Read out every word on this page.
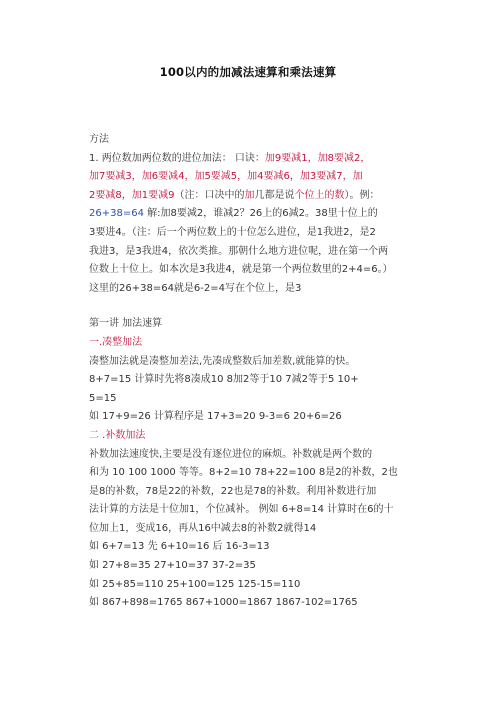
100以内的加减法速算和乘法速算
方法
1. 两位数加两位数的进位加法： 口诀：加9要减1，加8要减2，
加7要减3，加6要减4，加5要减5，加4要减6，加3要减7，加
2要减8，加1要减9（注：口决中的加几都是说个位上的数）。例：
26+38=64 解:加8要减2，谁减2？26上的6减2。38里十位上的
3要进4。（注：后一个两位数上的十位怎么进位，是1我进2，是2
我进3，是3我进4，依次类推。那朝什么地方进位呢，进在第一个两
位数上十位上。如本次是3我进4，就是第一个两位数里的2+4=6。）
这里的26+38=64就是6-2=4写在个位上，是3
第一讲 加法速算
一.凑整加法
凑整加法就是凑整加差法,先凑成整数后加差数,就能算的快。
8+7=15 计算时先将8凑成10 8加2等于10 7减2等于5 10+
5=15
如 17+9=26 计算程序是 17+3=20 9-3=6 20+6=26
二 .补数加法
补数加法速度快,主要是没有逐位进位的麻烦。补数就是两个数的
和为 10 100 1000 等等。8+2=10 78+22=100 8是2的补数，2也
是8的补数，78是22的补数，22也是78的补数。利用补数进行加
法计算的方法是十位加1，个位减补。 例如 6+8=14 计算时在6的十
位加上1，变成16，再从16中减去8的补数2就得14
如 6+7=13 先 6+10=16 后 16-3=13
如 27+8=35 27+10=37 37-2=35
如 25+85=110 25+100=125 125-15=110
如 867+898=1765 867+1000=1867 1867-102=1765
